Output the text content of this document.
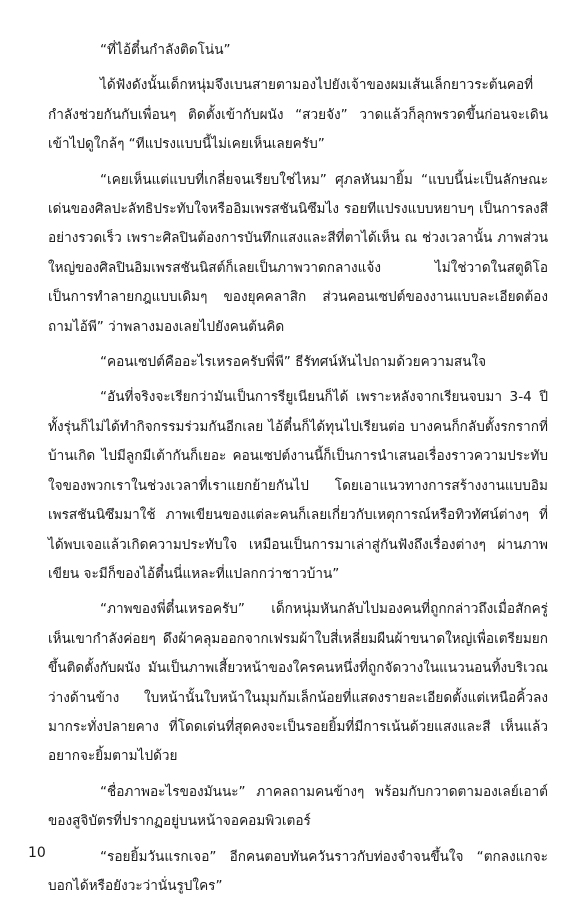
“ที่ไอ้ตี๋นกำลังติดโน่น”

ได้ฟังดังนั้นเด็กหนุ่มจึงเบนสายตามองไปยังเจ้าของผมเส้นเล็กยาวระต้นคอที่กำลังช่วยกันกับเพื่อนๆ ติดตั้งเข้ากับผนัง “สวยจัง” วาดแล้วก็ลุกพรวดขึ้นก่อนจะเดินเข้าไปดูใกล้ๆ “ทีแปรงแบบนี้ไม่เคยเห็นเลยครับ”

“เคยเห็นแต่แบบที่เกลี่ยจนเรียบใช่ไหม” ศุภลหันมายิ้ม “แบบนี้น่ะเป็นลักษณะเด่นของศิลปะลัทธิประทับใจหรืออิมเพรสชันนิซึมไง รอยทีแปรงแบบหยาบๆ เป็นการลงสีอย่างรวดเร็ว เพราะศิลปินต้องการบันทึกแสงและสีที่ตาได้เห็น ณ ช่วงเวลานั้น ภาพส่วนใหญ่ของศิลปินอิมเพรสชันนิสต์ก็เลยเป็นภาพวาดกลางแจ้ง ไม่ใช่วาดในสตูดิโอ เป็นการทำลายกฎแบบเดิมๆ ของยุคคลาสิก ส่วนคอนเซปต์ของงานแบบละเอียดต้องถามไอ้พี” ว่าพลางมองเลยไปยังคนต้นคิด

“คอนเซปต์คืออะไรเหรอครับพี่พี” ธีรัทศน์หันไปถามด้วยความสนใจ

“อันที่จริงจะเรียกว่ามันเป็นการรียูเนียนก็ได้ เพราะหลังจากเรียนจบมา 3-4 ปี ทั้งรุ่นก็ไม่ได้ทำกิจกรรมร่วมกันอีกเลย ไอ้ตี๋นก็ได้ทุนไปเรียนต่อ บางคนก็กลับตั้งรกรากที่บ้านเกิด ไปมีลูกมีเต้ากันก็เยอะ คอนเซปต์งานนี้ก็เป็นการนำเสนอเรื่องราวความประทับใจของพวกเราในช่วงเวลาที่เราแยกย้ายกันไป โดยเอาแนวทางการสร้างงานแบบอิมเพรสชันนิซึมมาใช้ ภาพเขียนของแต่ละคนก็เลยเกี่ยวกับเหตุการณ์หรือทิวทัศน์ต่างๆ ที่ได้พบเจอแล้วเกิดความประทับใจ เหมือนเป็นการมาเล่าสู่กันฟังถึงเรื่องต่างๆ ผ่านภาพเขียน จะมีก็ของไอ้ตี๋นนี่แหละที่แปลกกว่าชาวบ้าน”

“ภาพของพี่ตี๋นเหรอครับ” เด็กหนุ่มหันกลับไปมองคนที่ถูกกล่าวถึงเมื่อสักครู่ เห็นเขากำลังค่อยๆ ดึงผ้าคลุมออกจากเฟรมผ้าใบสี่เหลี่ยมผืนผ้าขนาดใหญ่เพื่อเตรียมยกขึ้นติดตั้งกับผนัง มันเป็นภาพเสี้ยวหน้าของใครคนหนึ่งที่ถูกจัดวางในแนวนอนทิ้งบริเวณว่างด้านข้าง ใบหน้านั้นใบหน้าในมุมก้มเล็กน้อยที่แสดงรายละเอียดตั้งแต่เหนือคิ้วลงมากระทั่งปลายคาง ที่โดดเด่นที่สุดคงจะเป็นรอยยิ้มที่มีการเน้นด้วยแสงและสี เห็นแล้วอยากจะยิ้มตามไปด้วย

“ชื่อภาพอะไรของมันนะ” ภาคลถามคนข้างๆ พร้อมกับกวาดตามองเลย์เอาต์ของสูจิบัตรที่ปรากฏอยู่บนหน้าจอคอมพิวเตอร์

“รอยยิ้มวันแรกเจอ” อีกคนตอบทันควันราวกับท่องจำจนขึ้นใจ “ตกลงแกจะบอกได้หรือยังวะว่านั่นรูปใคร”

10
